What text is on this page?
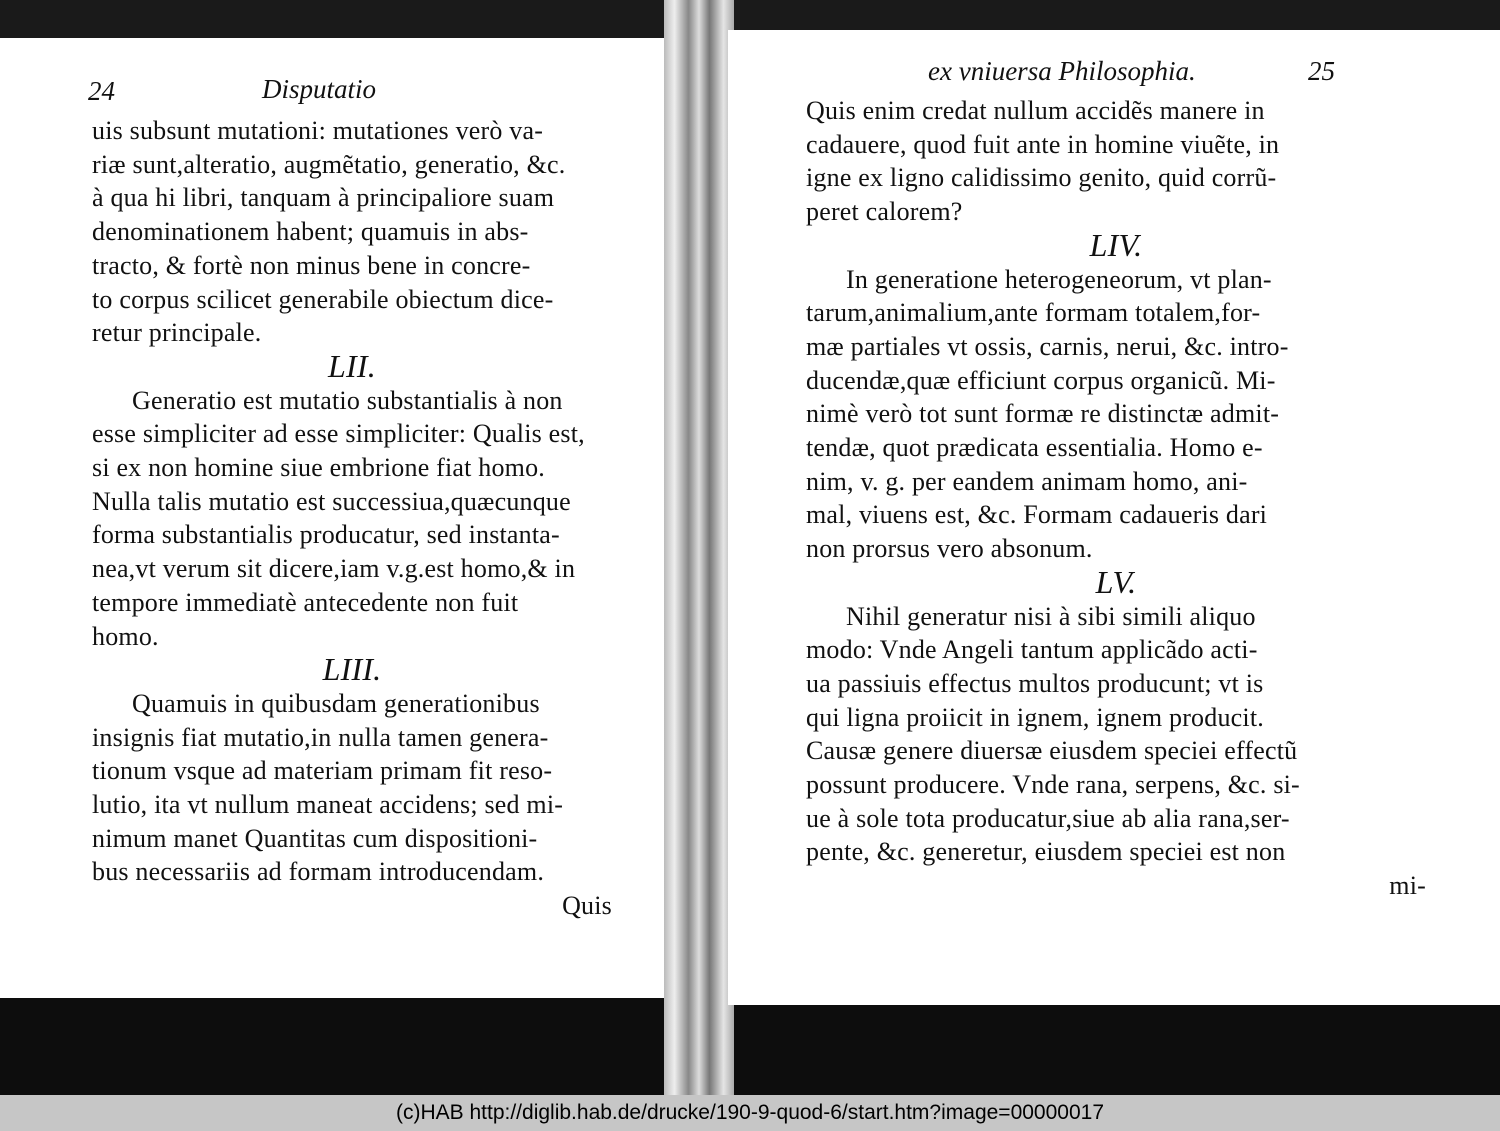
24	Disputatio

uis subsunt mutationi: mutationes verò va-

riæ sunt,alteratio, augmẽtatio, generatio, &c.

à qua hi libri, tanquam à principaliore suam

denominationem habent; quamuis in abs-

tracto, & fortè non minus bene in concre-

to corpus scilicet generabile obiectum dice-

retur principale.

LII.

Generatio est mutatio substantialis à non

esse simpliciter ad esse simpliciter: Qualis est,

si ex non homine siue embrione fiat homo.

Nulla talis mutatio est successiua,quæcunque

forma substantialis producatur, sed instanta-

nea,vt verum sit dicere,iam v.g.est homo,& in

tempore immediatè antecedente non fuit

homo.

LIII.

Quamuis in quibusdam generationibus

insignis fiat mutatio,in nulla tamen genera-

tionum vsque ad materiam primam fit reso-

lutio, ita vt nullum maneat accidens; sed mi-

nimum manet Quantitas cum dispositioni-

bus necessariis ad formam introducendam.

Quis

ex vniuersa Philosophia.	25

Quis enim credat nullum accidẽs manere in

cadauere, quod fuit ante in homine viuẽte, in

igne ex ligno calidissimo genito, quid corrũ-

peret calorem?

LIV.

In generatione heterogeneorum, vt plan-

tarum,animalium,ante formam totalem,for-

mæ partiales vt ossis, carnis, nerui, &c. intro-

ducendæ,quæ efficiunt corpus organicũ. Mi-

nimè verò tot sunt formæ re distinctæ admit-

tendæ, quot prædicata essentialia. Homo e-

nim, v. g. per eandem animam homo, ani-

mal, viuens est, &c. Formam cadaueris dari

non prorsus vero absonum.

LV.

Nihil generatur nisi à sibi simili aliquo

modo: Vnde Angeli tantum applicãdo acti-

ua passiuis effectus multos producunt; vt is

qui ligna proiicit in ignem, ignem producit.

Causæ genere diuersæ eiusdem speciei effectũ

possunt producere. Vnde rana, serpens, &c. si-

ue à sole tota producatur,siue ab alia rana,ser-

pente, &c. generetur, eiusdem speciei est non

mi-

(c)HAB http://diglib.hab.de/drucke/190-9-quod-6/start.htm?image=00000017
